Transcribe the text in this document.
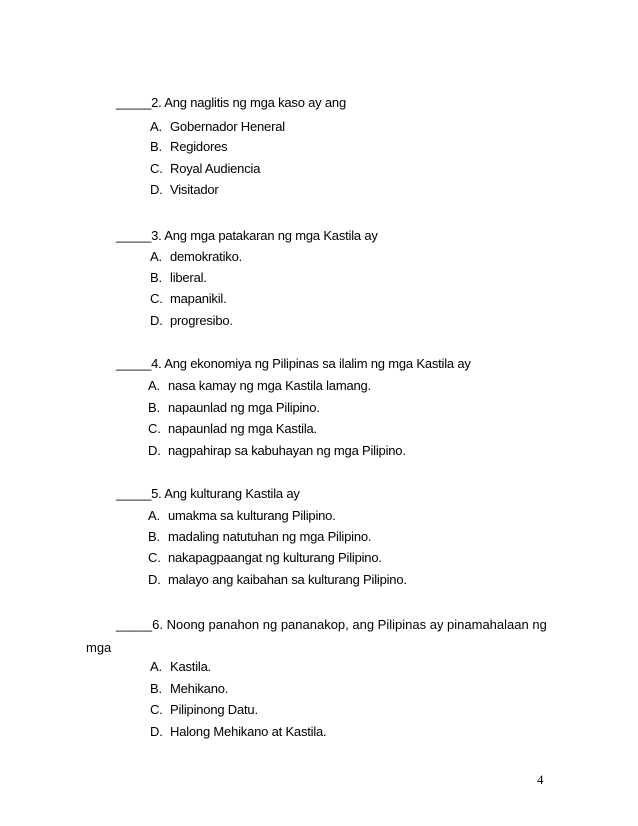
_____2. Ang naglitis ng mga kaso ay ang
A. Gobernador Heneral
B. Regidores
C. Royal Audiencia
D. Visitador
_____3. Ang mga patakaran ng mga Kastila ay
A. demokratiko.
B. liberal.
C. mapanikil.
D. progresibo.
_____4. Ang ekonomiya ng Pilipinas sa ilalim ng mga Kastila ay
A. nasa kamay ng mga Kastila lamang.
B. napaunlad ng mga Pilipino.
C. napaunlad ng mga Kastila.
D. nagpahirap sa kabuhayan ng mga Pilipino.
_____5. Ang kulturang Kastila ay
A. umakma sa kulturang Pilipino.
B. madaling natutuhan ng mga Pilipino.
C. nakapagpaangat ng kulturang Pilipino.
D. malayo ang kaibahan sa kulturang Pilipino.
_____6. Noong panahon ng pananakop, ang Pilipinas ay pinamahalaan ng
mga
A. Kastila.
B. Mehikano.
C. Pilipinong Datu.
D. Halong Mehikano at Kastila.
4
